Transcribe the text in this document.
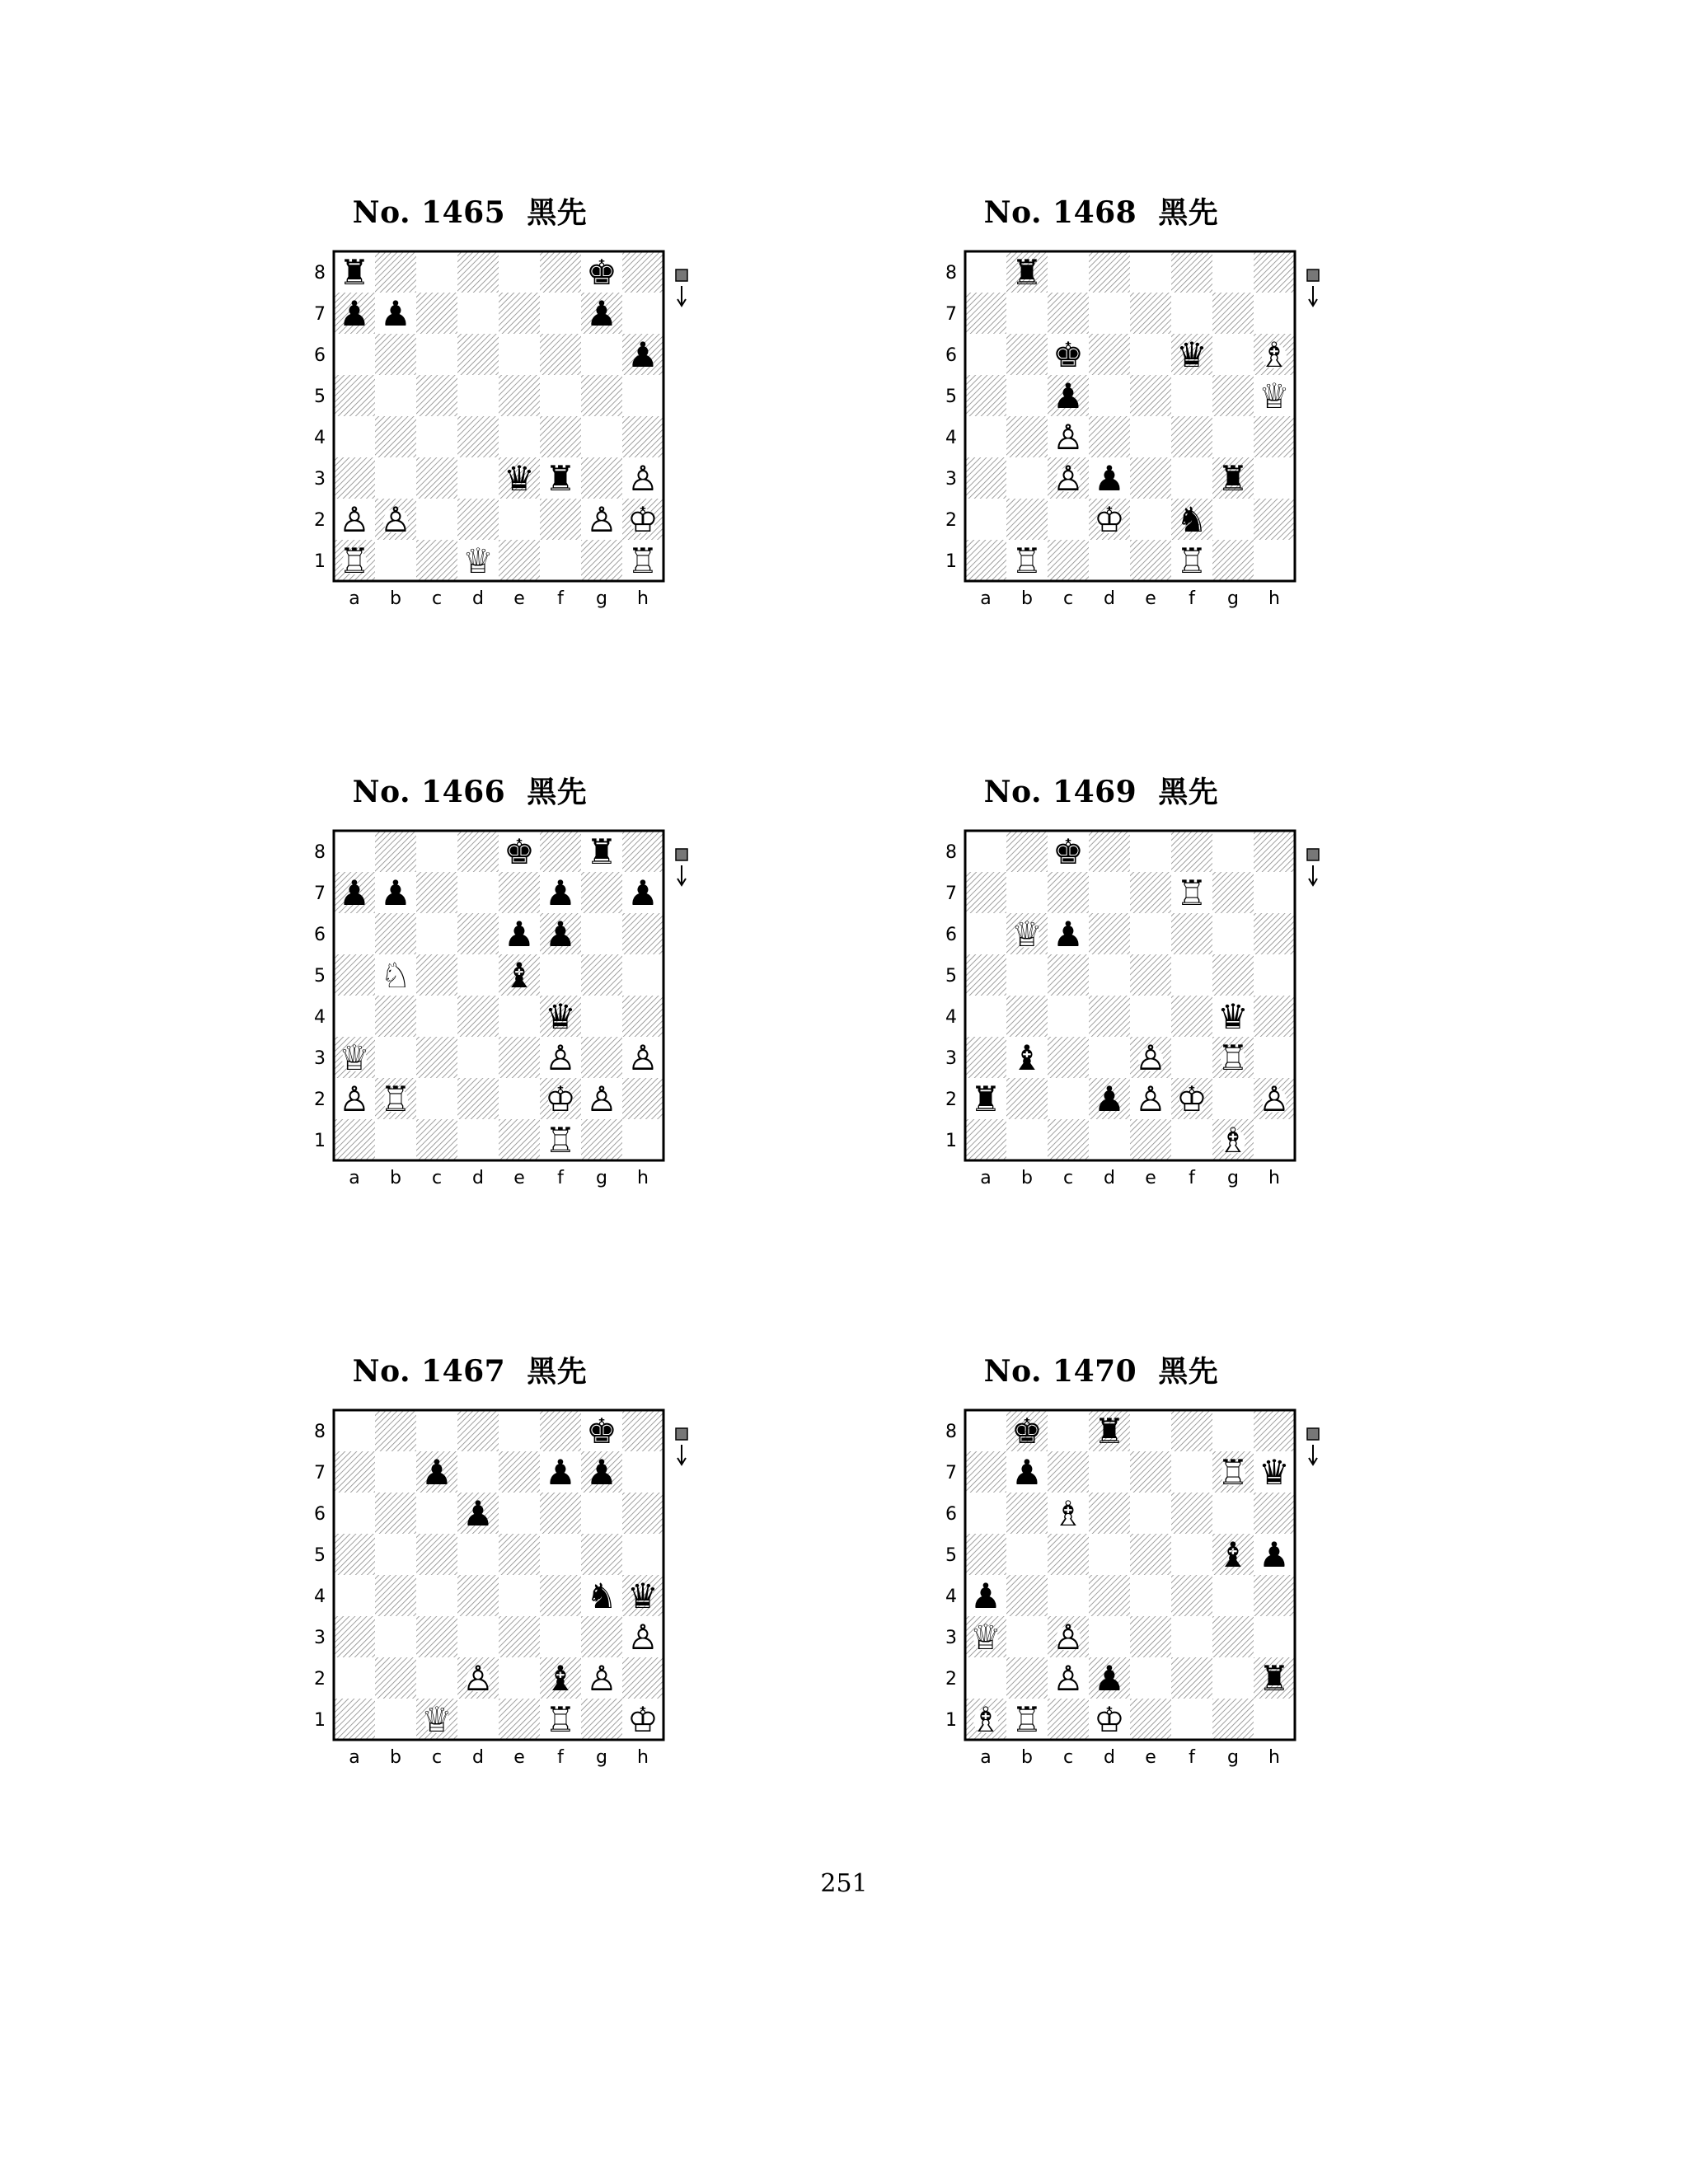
No. 1465 黑先
8
7
6
5
4
3
2
1
a b c d e f g h
♜	♚
♟ ♟	♟
♟
♛ ♜ ♙
♙ ♙	♙ ♔
♖	♕	♖
No. 1466 黑先
8
7
6
5
4
3
2
1
a b c d e f g h
♚ ♜
♟ ♟	♟ ♟
♟ ♟
♘	♝
♛
♕	♙ ♙
♙ ♖	♔ ♙
♖
No. 1467 黑先
8
7
6
5
4
3
2
1
a b c d e f g h
♚
♟	♟ ♟
♟
♞ ♛
♙
♙ ♝ ♙
♕	♖ ♔
No. 1468 黑先
8
7
6
5
4
3
2
1
a b c d e f g h
♜
♚	♛ ♗
♟	♕
♙
♙ ♟	♜
♔ ♞
♖	♖
No. 1469 黑先
8
7
6
5
4
3
2
1
a b c d e f g h
♚
♖
♕ ♟
♛
♝	♙ ♖
♜	♟ ♙ ♔ ♙
♗
No. 1470 黑先
8
7
6
5
4
3
2
1
a b c d e f g h
♚ ♜
♟	♖ ♛
♗
♝ ♟
♟
♕ ♙
♙ ♟	♜
♗ ♖ ♔
251
